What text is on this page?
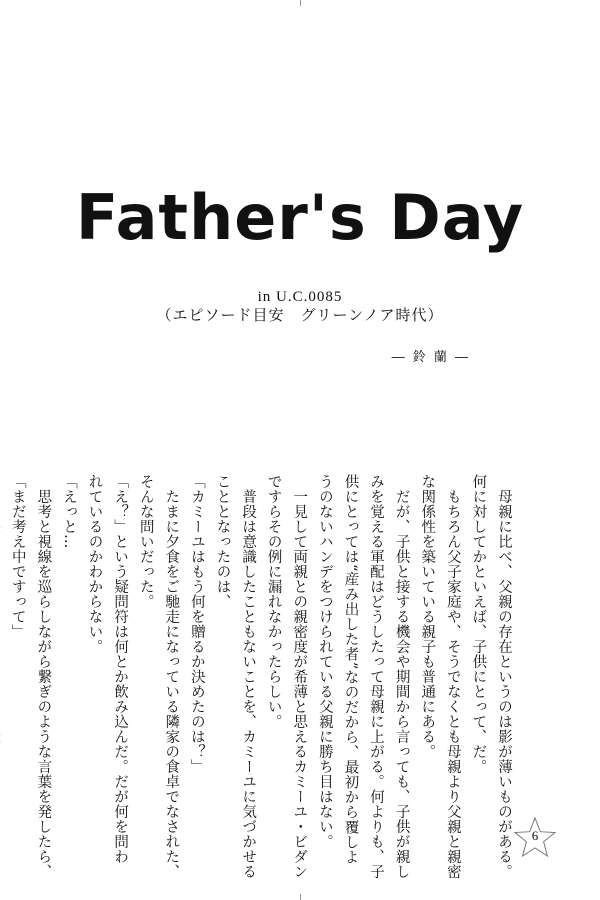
Father's Day
in U.C.0085
（エピソード目安　グリーンノア時代）
― 鈴 蘭 ―
　母親に比べ、父親の存在というのは影が薄いものがある。
何に対してかといえば、子供にとって、だ。
　もちろん父子家庭や、そうでなくとも母親より父親と親密
な関係性を築いている親子も普通にある。
　だが、子供と接する機会や期間から言っても、子供が親し
みを覚える軍配はどうしたって母親に上がる。何よりも、子
供にとっては“産み出した者”なのだから、最初から覆しよ
うのないハンデをつけられている父親に勝ち目はない。
　一見して両親との親密度が希薄と思えるカミーユ・ビダン
ですらその例に漏れなかったらしい。
　普段は意識したこともないことを、カミーユに気づかせる
こととなったのは、
「カミーユはもう何を贈るか決めたのは？」
　たまに夕食をご馳走になっている隣家の食卓でなされた、
そんな問いだった。
「え？」という疑問符は何とか飲み込んだ。だが何を問わ
れているのかわからない。
「えっと…
　思考と視線を巡らしながら繋ぎのような言葉を発したら、
「まだ考え中ですって」
6
